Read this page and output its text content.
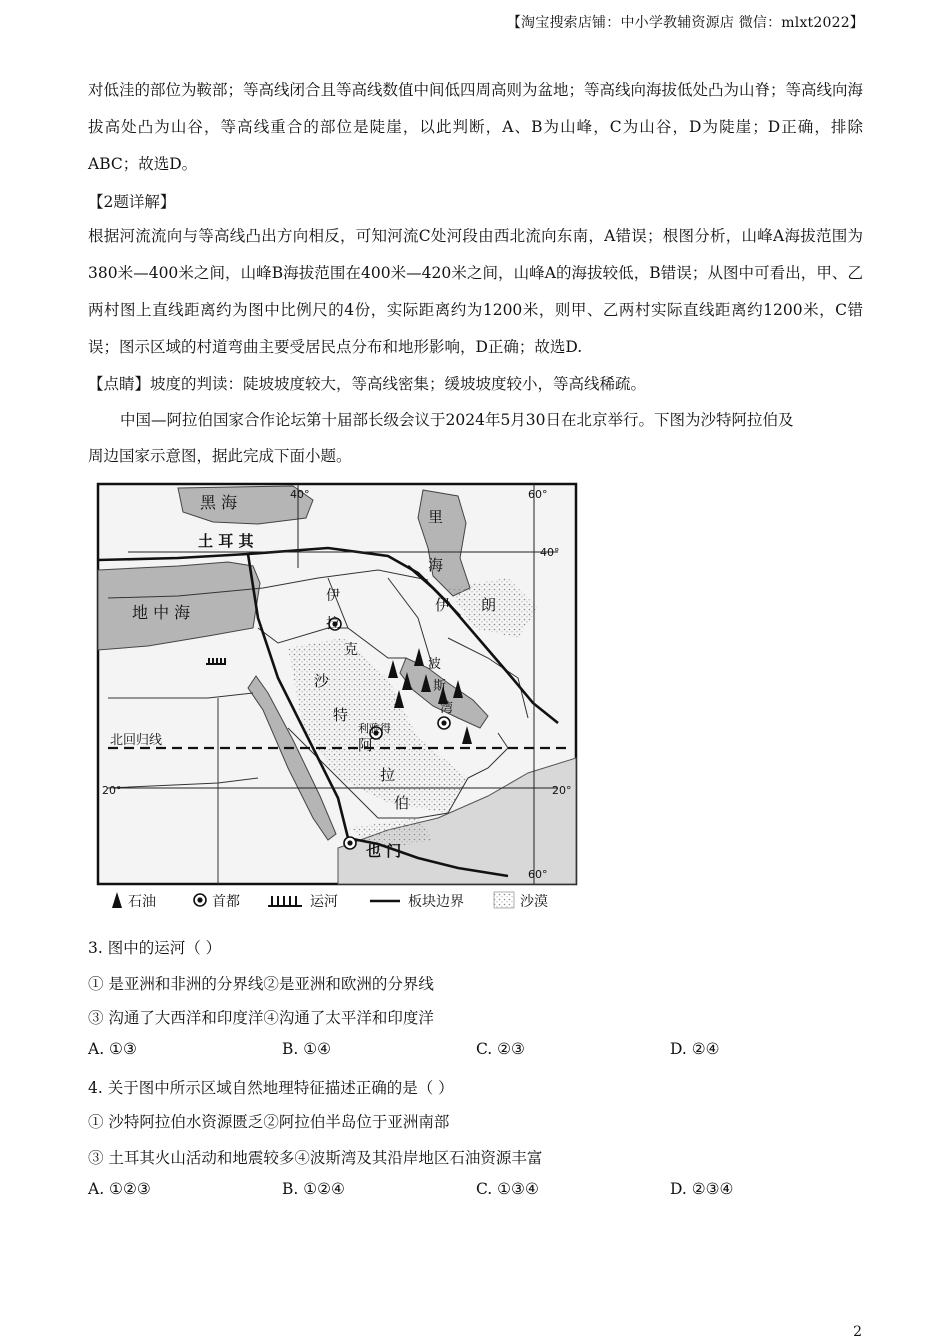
【淘宝搜索店铺：中小学教辅资源店 微信：mlxt2022】
对低洼的部位为鞍部；等高线闭合且等高线数值中间低四周高则为盆地；等高线向海拔低处凸为山脊；等高线向海拔高处凸为山谷，等高线重合的部位是陡崖，以此判断，A、B为山峰，C为山谷，D为陡崖；D正确，排除ABC；故选D。
【2题详解】
根据河流流向与等高线凸出方向相反，可知河流C处河段由西北流向东南，A错误；根图分析，山峰A海拔范围为380米—400米之间，山峰B海拔范围在400米—420米之间，山峰A的海拔较低，B错误；从图中可看出，甲、乙两村图上直线距离约为图中比例尺的4份，实际距离约为1200米，则甲、乙两村实际直线距离约1200米，C错误；图示区域的村道弯曲主要受居民点分布和地形影响，D正确；故选D.
【点睛】坡度的判读：陡坡坡度较大，等高线密集；缓坡坡度较小，等高线稀疏。
中国—阿拉伯国家合作论坛第十届部长级会议于2024年5月30日在北京举行。下图为沙特阿拉伯及
周边国家示意图，据此完成下面小题。
黑 海
土 耳 其
里
海
地 中 海
伊
拉
克
伊 朗
沙
特
阿
拉
伯
利雅得
波
斯
湾
也 门
北回归线
40°
40°	60°
60°
20°	20°
石油	首都	运河	板块边界	沙漠
3. 图中的运河（ ）
① 是亚洲和非洲的分界线②是亚洲和欧洲的分界线
③ 沟通了大西洋和印度洋④沟通了太平洋和印度洋
A. ①③	B. ①④	C. ②③	D. ②④
4. 关于图中所示区域自然地理特征描述正确的是（ ）
① 沙特阿拉伯水资源匮乏②阿拉伯半岛位于亚洲南部
③ 土耳其火山活动和地震较多④波斯湾及其沿岸地区石油资源丰富
A. ①②③	B. ①②④	C. ①③④	D. ②③④
2
